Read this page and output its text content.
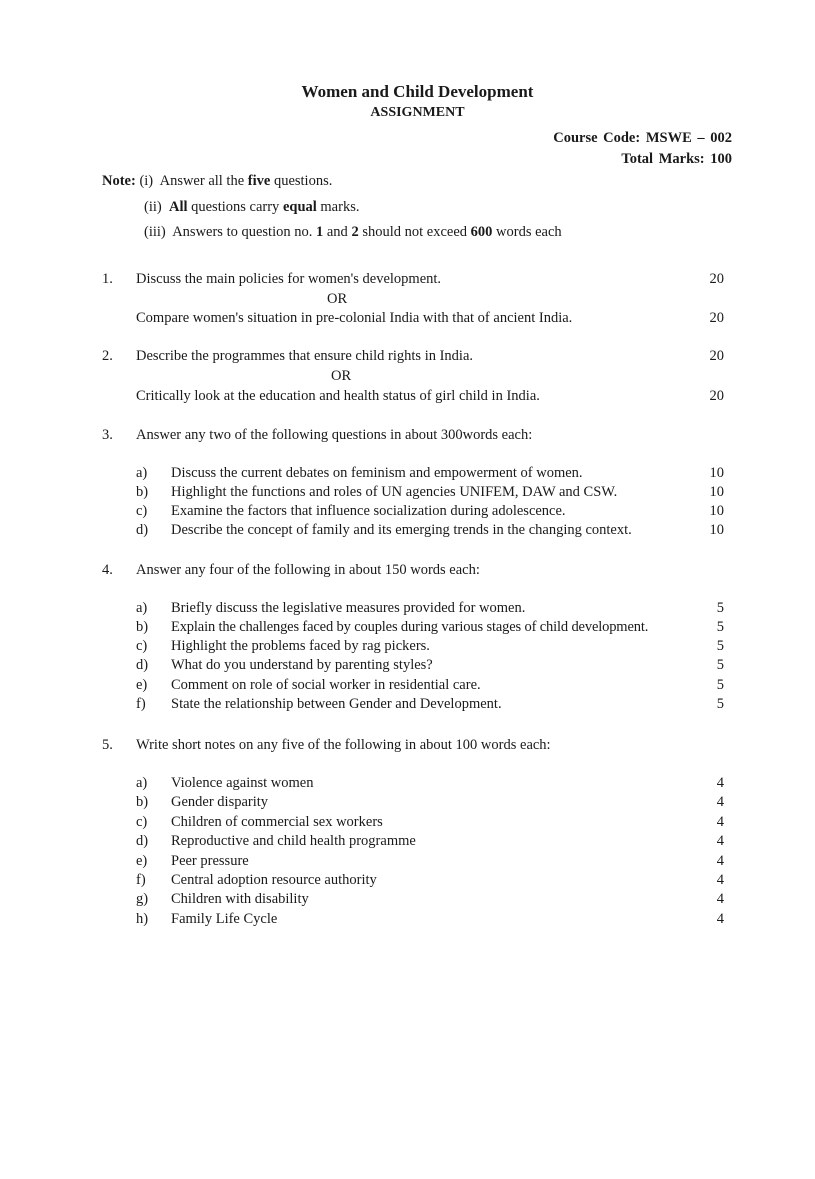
Women and Child Development
ASSIGNMENT
Course Code: MSWE – 002
Total Marks: 100
Note: (i) Answer all the five questions.
(ii) All questions carry equal marks.
(iii) Answers to question no. 1 and 2 should not exceed 600 words each
1. Discuss the main policies for women's development.	20
OR
Compare women's situation in pre-colonial India with that of ancient India.	20
2. Describe the programmes that ensure child rights in India.	20
OR
Critically look at the education and health status of girl child in India.	20
3. Answer any two of the following questions in about 300words each:
a) Discuss the current debates on feminism and empowerment of women.	10
b) Highlight the functions and roles of UN agencies UNIFEM, DAW and CSW.	10
c) Examine the factors that influence socialization during adolescence.	10
d) Describe the concept of family and its emerging trends in the changing context.	10
4. Answer any four of the following in about 150 words each:
a) Briefly discuss the legislative measures provided for women.	5
b) Explain the challenges faced by couples during various stages of child development.	5
c) Highlight the problems faced by rag pickers.	5
d) What do you understand by parenting styles?	5
e) Comment on role of social worker in residential care.	5
f) State the relationship between Gender and Development.	5
5. Write short notes on any five of the following in about 100 words each:
a) Violence against women	4
b) Gender disparity	4
c) Children of commercial sex workers	4
d) Reproductive and child health programme	4
e) Peer pressure	4
f) Central adoption resource authority	4
g) Children with disability	4
h) Family Life Cycle	4
